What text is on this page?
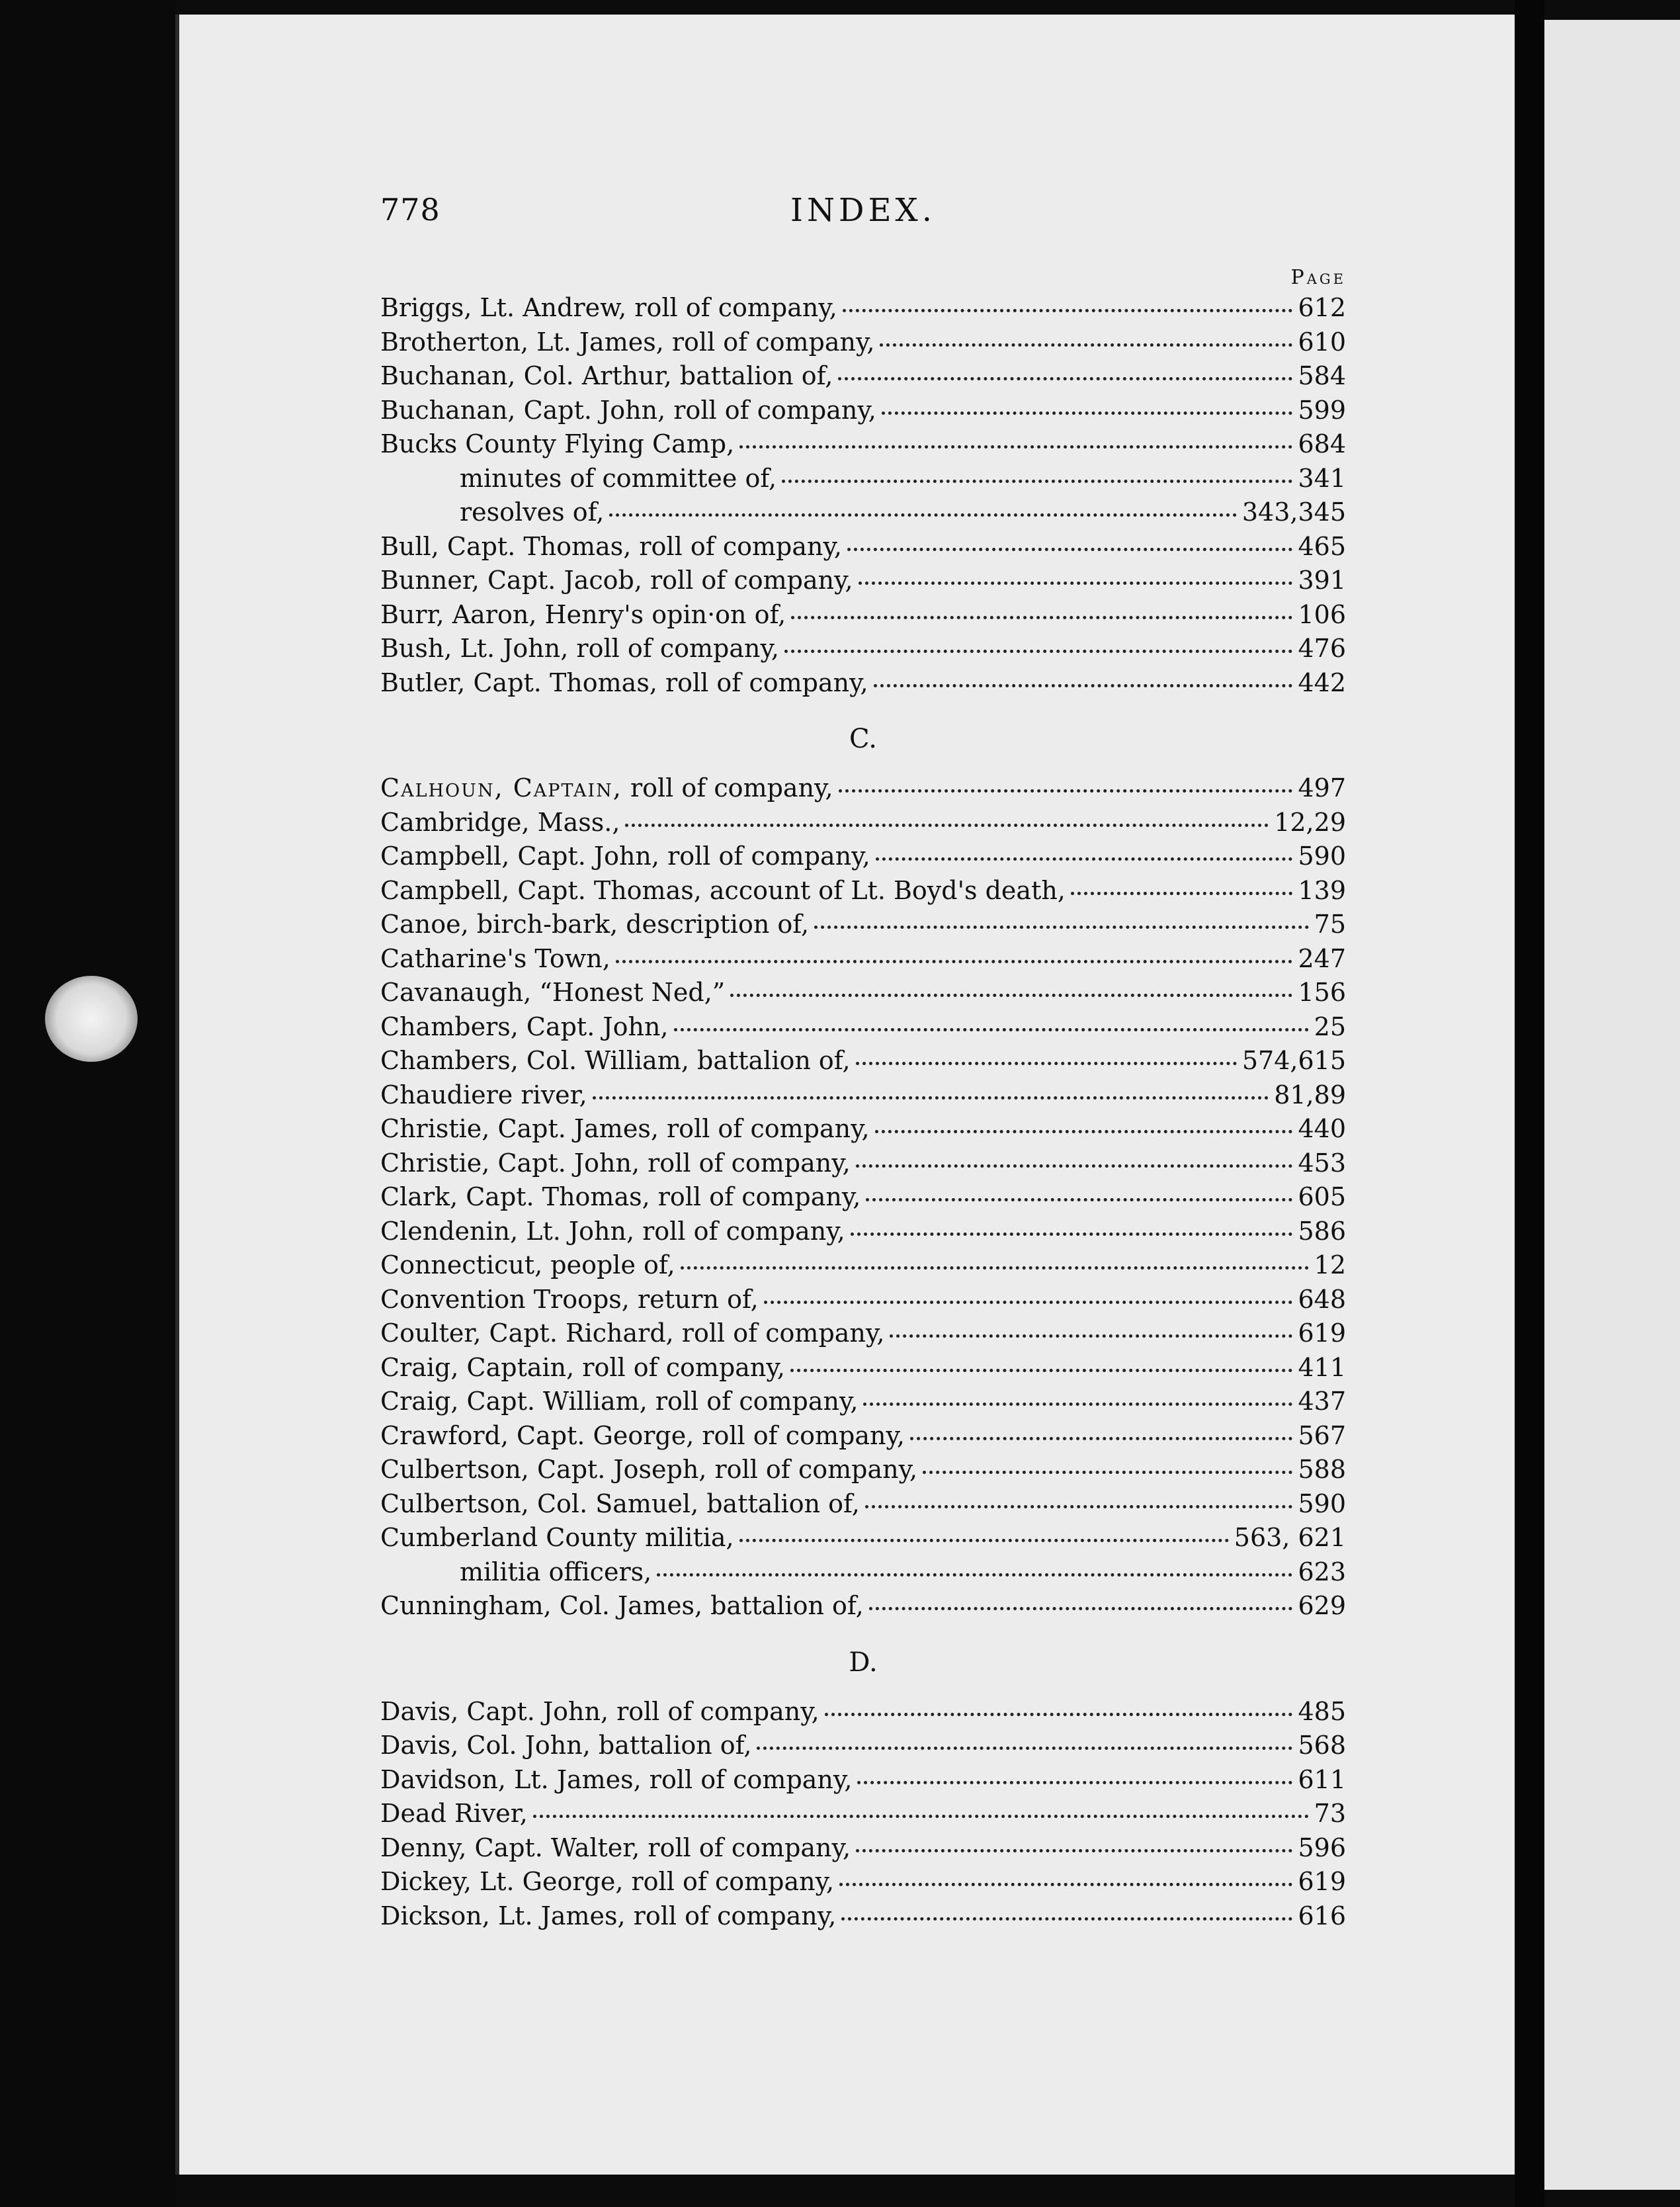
778	INDEX.
Page
Briggs, Lt. Andrew, roll of company,	612
Brotherton, Lt. James, roll of company,	610
Buchanan, Col. Arthur, battalion of,	584
Buchanan, Capt. John, roll of company,	599
Bucks County Flying Camp,	684
minutes of committee of,	341
resolves of,	343,345
Bull, Capt. Thomas, roll of company,	465
Bunner, Capt. Jacob, roll of company,	391
Burr, Aaron, Henry's opin·on of,	106
Bush, Lt. John, roll of company,	476
Butler, Capt. Thomas, roll of company,	442
C.
Calhoun, Captain, roll of company,	497
Cambridge, Mass.,	12,29
Campbell, Capt. John, roll of company,	590
Campbell, Capt. Thomas, account of Lt. Boyd's death,	139
Canoe, birch-bark, description of,	75
Catharine's Town,	247
Cavanaugh, “Honest Ned,”	156
Chambers, Capt. John,	25
Chambers, Col. William, battalion of,	574,615
Chaudiere river,	81,89
Christie, Capt. James, roll of company,	440
Christie, Capt. John, roll of company,	453
Clark, Capt. Thomas, roll of company,	605
Clendenin, Lt. John, roll of company,	586
Connecticut, people of,	12
Convention Troops, return of,	648
Coulter, Capt. Richard, roll of company,	619
Craig, Captain, roll of company,	411
Craig, Capt. William, roll of company,	437
Crawford, Capt. George, roll of company,	567
Culbertson, Capt. Joseph, roll of company,	588
Culbertson, Col. Samuel, battalion of,	590
Cumberland County militia,	563, 621
militia officers,	623
Cunningham, Col. James, battalion of,	629
D.
Davis, Capt. John, roll of company,	485
Davis, Col. John, battalion of,	568
Davidson, Lt. James, roll of company,	611
Dead River,	73
Denny, Capt. Walter, roll of company,	596
Dickey, Lt. George, roll of company,	619
Dickson, Lt. James, roll of company,	616
